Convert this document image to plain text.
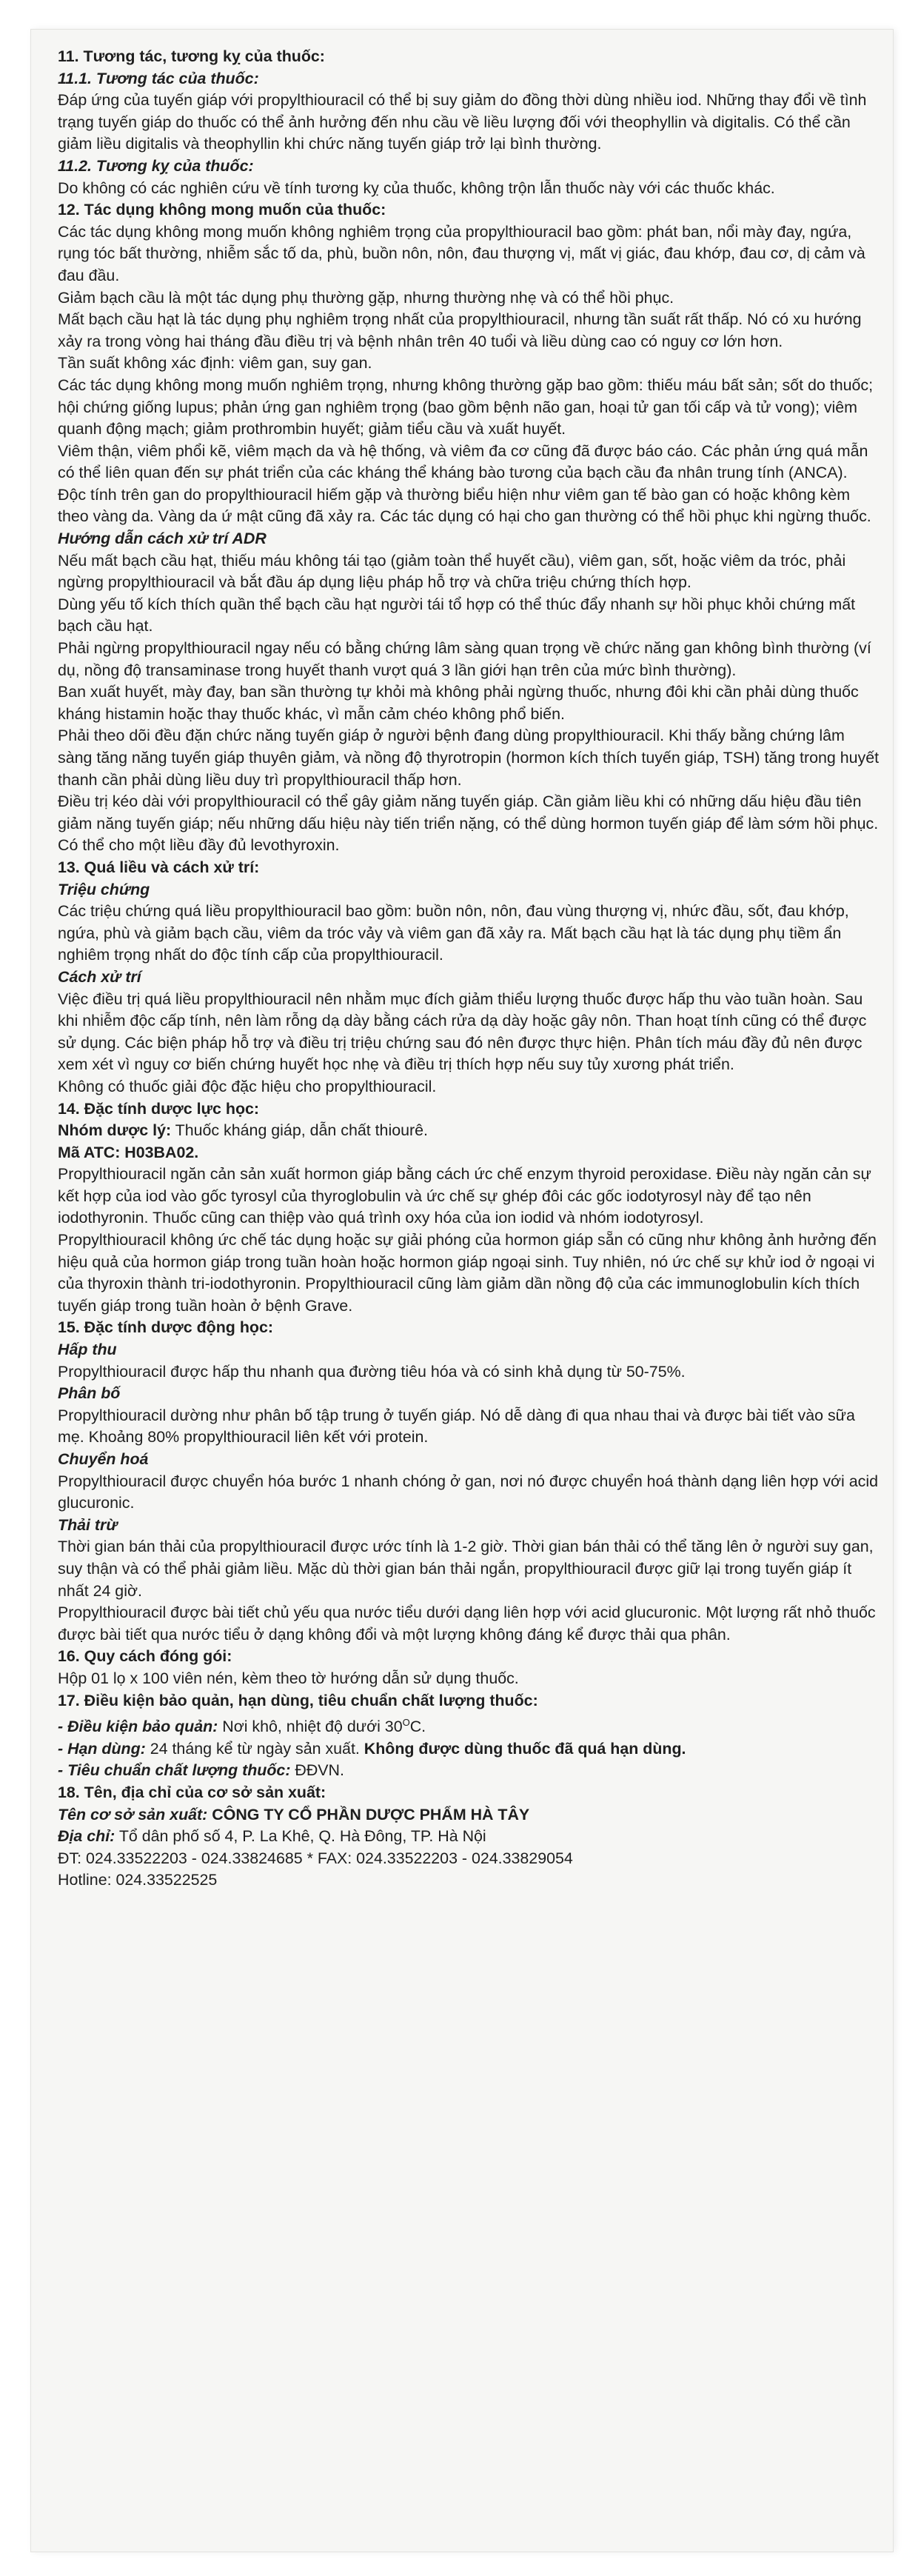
11. Tương tác, tương kỵ của thuốc:

11.1. Tương tác của thuốc:

Đáp ứng của tuyến giáp với propylthiouracil có thể bị suy giảm do đồng thời dùng nhiều iod. Những thay đổi về tình trạng tuyến giáp do thuốc có thể ảnh hưởng đến nhu cầu về liều lượng đối với theophyllin và digitalis. Có thể cần giảm liều digitalis và theophyllin khi chức năng tuyến giáp trở lại bình thường.

11.2. Tương kỵ của thuốc:

Do không có các nghiên cứu về tính tương kỵ của thuốc, không trộn lẫn thuốc này với các thuốc khác.

12. Tác dụng không mong muốn của thuốc:

Các tác dụng không mong muốn không nghiêm trọng của propylthiouracil bao gồm: phát ban, nổi mày đay, ngứa, rụng tóc bất thường, nhiễm sắc tố da, phù, buồn nôn, nôn, đau thượng vị, mất vị giác, đau khớp, đau cơ, dị cảm và đau đầu.

Giảm bạch cầu là một tác dụng phụ thường gặp, nhưng thường nhẹ và có thể hồi phục.

Mất bạch cầu hạt là tác dụng phụ nghiêm trọng nhất của propylthiouracil, nhưng tần suất rất thấp. Nó có xu hướng xảy ra trong vòng hai tháng đầu điều trị và bệnh nhân trên 40 tuổi và liều dùng cao có nguy cơ lớn hơn.

Tần suất không xác định: viêm gan, suy gan.

Các tác dụng không mong muốn nghiêm trọng, nhưng không thường gặp bao gồm: thiếu máu bất sản; sốt do thuốc; hội chứng giống lupus; phản ứng gan nghiêm trọng (bao gồm bệnh não gan, hoại tử gan tối cấp và tử vong); viêm quanh động mạch; giảm prothrombin huyết; giảm tiểu cầu và xuất huyết.

Viêm thận, viêm phổi kẽ, viêm mạch da và hệ thống, và viêm đa cơ cũng đã được báo cáo. Các phản ứng quá mẫn có thể liên quan đến sự phát triển của các kháng thể kháng bào tương của bạch cầu đa nhân trung tính (ANCA).

Độc tính trên gan do propylthiouracil hiếm gặp và thường biểu hiện như viêm gan tế bào gan có hoặc không kèm theo vàng da. Vàng da ứ mật cũng đã xảy ra. Các tác dụng có hại cho gan thường có thể hồi phục khi ngừng thuốc.

Hướng dẫn cách xử trí ADR

Nếu mất bạch cầu hạt, thiếu máu không tái tạo (giảm toàn thể huyết cầu), viêm gan, sốt, hoặc viêm da tróc, phải ngừng propylthiouracil và bắt đầu áp dụng liệu pháp hỗ trợ và chữa triệu chứng thích hợp.

Dùng yếu tố kích thích quần thể bạch cầu hạt người tái tổ hợp có thể thúc đẩy nhanh sự hồi phục khỏi chứng mất bạch cầu hạt.

Phải ngừng propylthiouracil ngay nếu có bằng chứng lâm sàng quan trọng về chức năng gan không bình thường (ví dụ, nồng độ transaminase trong huyết thanh vượt quá 3 lần giới hạn trên của mức bình thường).

Ban xuất huyết, mày đay, ban sần thường tự khỏi mà không phải ngừng thuốc, nhưng đôi khi cần phải dùng thuốc kháng histamin hoặc thay thuốc khác, vì mẫn cảm chéo không phổ biến.

Phải theo dõi đều đặn chức năng tuyến giáp ở người bệnh đang dùng propylthiouracil. Khi thấy bằng chứng lâm sàng tăng năng tuyến giáp thuyên giảm, và nồng độ thyrotropin (hormon kích thích tuyến giáp, TSH) tăng trong huyết thanh cần phải dùng liều duy trì propylthiouracil thấp hơn.

Điều trị kéo dài với propylthiouracil có thể gây giảm năng tuyến giáp. Cần giảm liều khi có những dấu hiệu đầu tiên giảm năng tuyến giáp; nếu những dấu hiệu này tiến triển nặng, có thể dùng hormon tuyến giáp để làm sớm hồi phục. Có thể cho một liều đầy đủ levothyroxin.

13. Quá liều và cách xử trí:

Triệu chứng

Các triệu chứng quá liều propylthiouracil bao gồm: buồn nôn, nôn, đau vùng thượng vị, nhức đầu, sốt, đau khớp, ngứa, phù và giảm bạch cầu, viêm da tróc vảy và viêm gan đã xảy ra. Mất bạch cầu hạt là tác dụng phụ tiềm ẩn nghiêm trọng nhất do độc tính cấp của propylthiouracil.

Cách xử trí

Việc điều trị quá liều propylthiouracil nên nhằm mục đích giảm thiểu lượng thuốc được hấp thu vào tuần hoàn. Sau khi nhiễm độc cấp tính, nên làm rỗng dạ dày bằng cách rửa dạ dày hoặc gây nôn. Than hoạt tính cũng có thể được sử dụng. Các biện pháp hỗ trợ và điều trị triệu chứng sau đó nên được thực hiện. Phân tích máu đầy đủ nên được xem xét vì nguy cơ biến chứng huyết học nhẹ và điều trị thích hợp nếu suy tủy xương phát triển.

Không có thuốc giải độc đặc hiệu cho propylthiouracil.

14. Đặc tính dược lực học:

Nhóm dược lý: Thuốc kháng giáp, dẫn chất thiourê.

Mã ATC: H03BA02.

Propylthiouracil ngăn cản sản xuất hormon giáp bằng cách ức chế enzym thyroid peroxidase. Điều này ngăn cản sự kết hợp của iod vào gốc tyrosyl của thyroglobulin và ức chế sự ghép đôi các gốc iodotyrosyl này để tạo nên iodothyronin. Thuốc cũng can thiệp vào quá trình oxy hóa của ion iodid và nhóm iodotyrosyl.

Propylthiouracil không ức chế tác dụng hoặc sự giải phóng của hormon giáp sẵn có cũng như không ảnh hưởng đến hiệu quả của hormon giáp trong tuần hoàn hoặc hormon giáp ngoại sinh. Tuy nhiên, nó ức chế sự khử iod ở ngoại vi của thyroxin thành tri-iodothyronin. Propylthiouracil cũng làm giảm dần nồng độ của các immunoglobulin kích thích tuyến giáp trong tuần hoàn ở bệnh Grave.

15. Đặc tính dược động học:

Hấp thu

Propylthiouracil được hấp thu nhanh qua đường tiêu hóa và có sinh khả dụng từ 50-75%.

Phân bố

Propylthiouracil dường như phân bố tập trung ở tuyến giáp. Nó dễ dàng đi qua nhau thai và được bài tiết vào sữa mẹ. Khoảng 80% propylthiouracil liên kết với protein.

Chuyển hoá

Propylthiouracil được chuyển hóa bước 1 nhanh chóng ở gan, nơi nó được chuyển hoá thành dạng liên hợp với acid glucuronic.

Thải trừ

Thời gian bán thải của propylthiouracil được ước tính là 1-2 giờ. Thời gian bán thải có thể tăng lên ở người suy gan, suy thận và có thể phải giảm liều. Mặc dù thời gian bán thải ngắn, propylthiouracil được giữ lại trong tuyến giáp ít nhất 24 giờ.

Propylthiouracil được bài tiết chủ yếu qua nước tiểu dưới dạng liên hợp với acid glucuronic. Một lượng rất nhỏ thuốc được bài tiết qua nước tiểu ở dạng không đổi và một lượng không đáng kể được thải qua phân.

16. Quy cách đóng gói:

Hộp 01 lọ x 100 viên nén, kèm theo tờ hướng dẫn sử dụng thuốc.

17. Điều kiện bảo quản, hạn dùng, tiêu chuẩn chất lượng thuốc:

- Điều kiện bảo quản: Nơi khô, nhiệt độ dưới $30^OC$.

- Hạn dùng: 24 tháng kể từ ngày sản xuất. Không được dùng thuốc đã quá hạn dùng.

- Tiêu chuẩn chất lượng thuốc: ĐĐVN.

18. Tên, địa chỉ của cơ sở sản xuất:

Tên cơ sở sản xuất: CÔNG TY CỔ PHẦN DƯỢC PHẨM HÀ TÂY

Địa chỉ: Tổ dân phố số 4, P. La Khê, Q. Hà Đông, TP. Hà Nội

ĐT: 024.33522203 - 024.33824685 * FAX: 024.33522203 - 024.33829054

Hotline: 024.33522525
